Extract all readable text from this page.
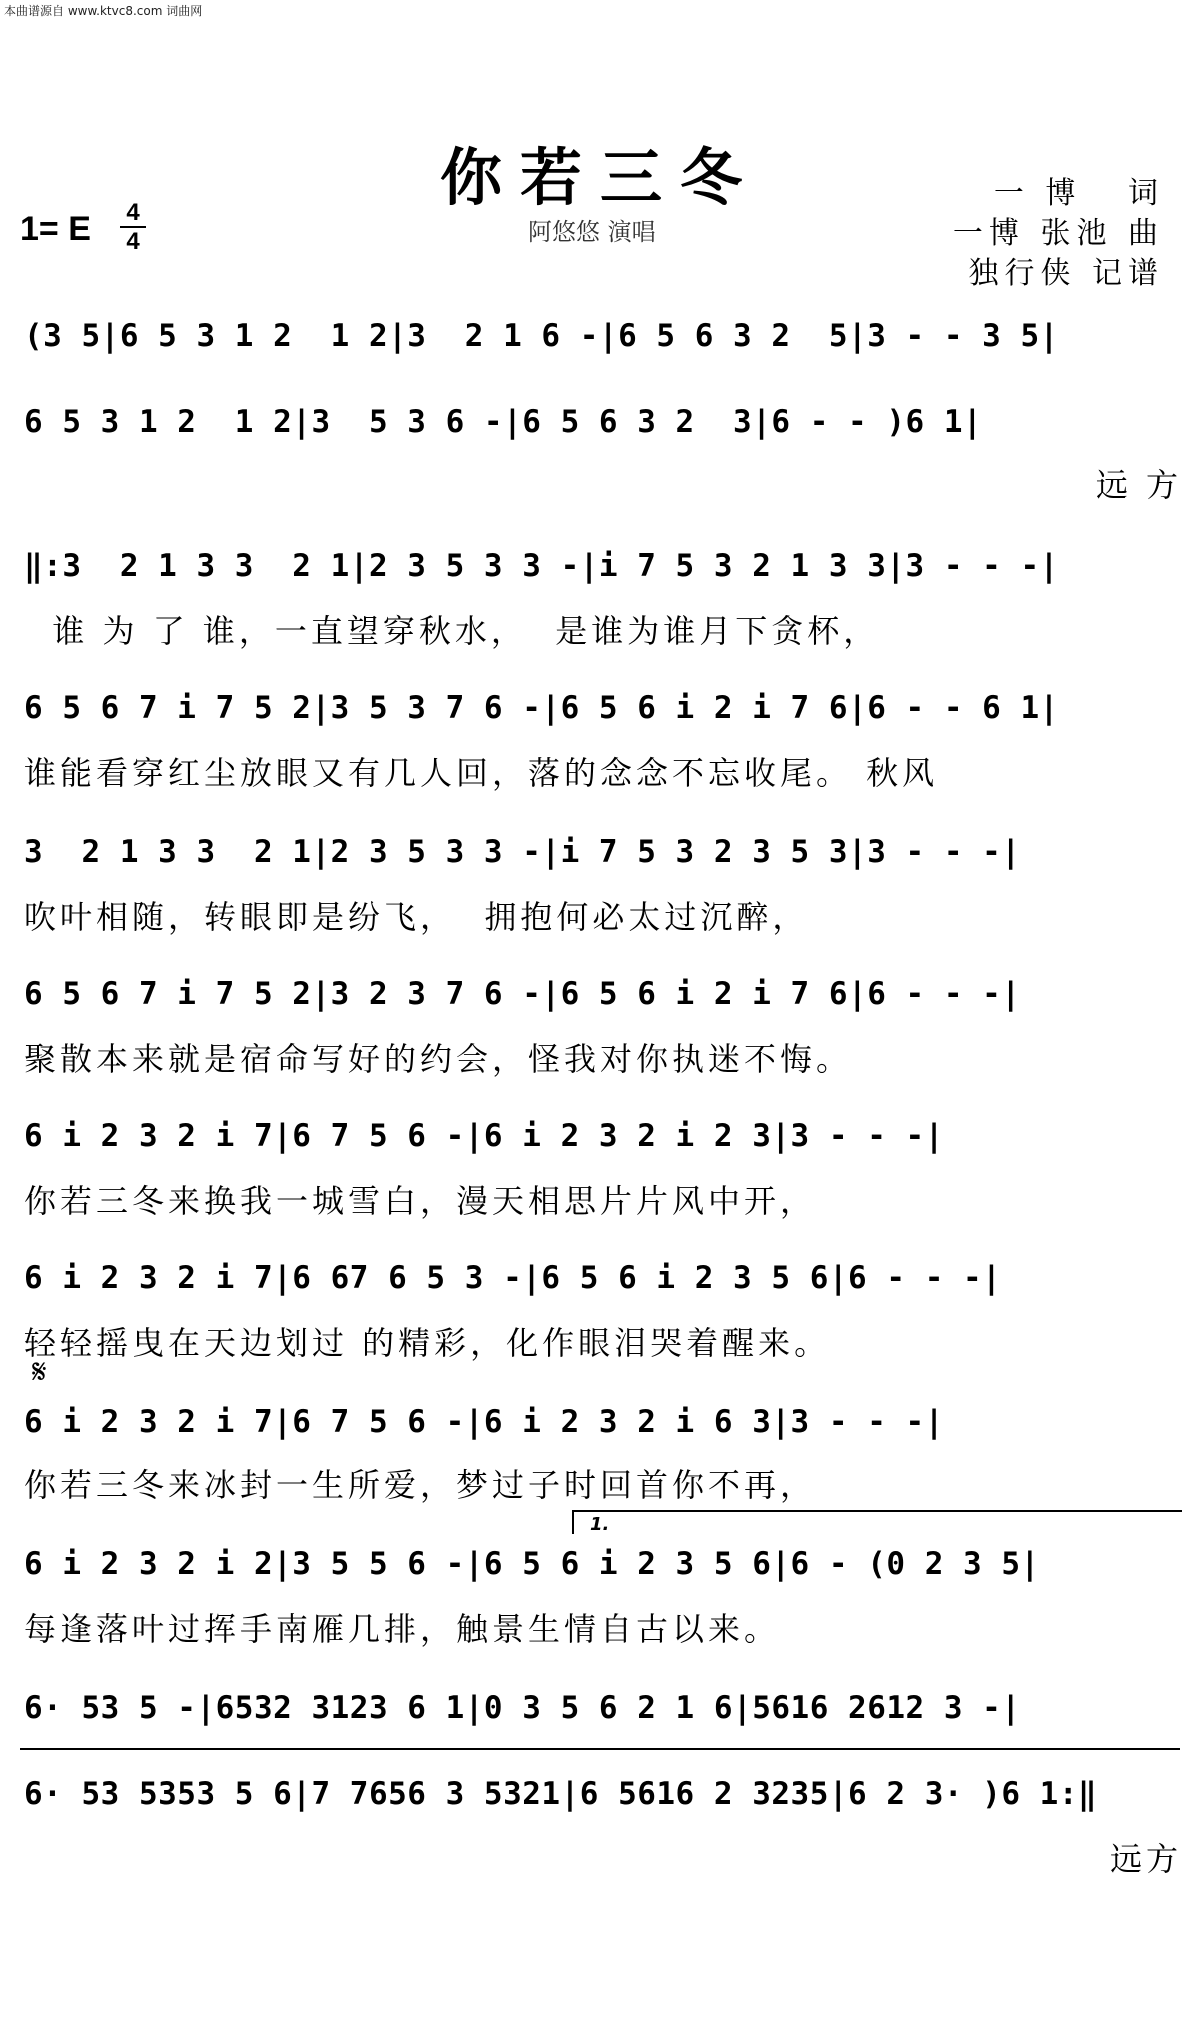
本曲谱源自 www.ktvc8.com 词曲网
你若三冬
阿悠悠 演唱
1= E 4
4
一 博   词
一博 张池 曲
独行侠 记谱
(3 5|6 5 3 1 2  1 2|3  2 1 6 -|6 5 6 3 2  5|3 - - 3 5|
6 5 3 1 2  1 2|3  5 3 6 -|6 5 6 3 2  3|6 - - )6 1|
远 方
‖:3  2 1 3 3  2 1|2 3 5 3 3 -|i 7 5 3 2 1 3 3|3 - - -|
谁 为 了 谁，一直望穿秋水，  是谁为谁月下贪杯，
6 5 6 7 i 7 5 2|3 5 3 7 6 -|6 5 6 i 2 i 7 6|6 - - 6 1|
谁能看穿红尘放眼又有几人回，落的念念不忘收尾。 秋风
3  2 1 3 3  2 1|2 3 5 3 3 -|i 7 5 3 2 3 5 3|3 - - -|
吹叶相随，转眼即是纷飞，  拥抱何必太过沉醉，
6 5 6 7 i 7 5 2|3 2 3 7 6 -|6 5 6 i 2 i 7 6|6 - - -|
聚散本来就是宿命写好的约会，怪我对你执迷不悔。
6 i 2 3 2 i 7|6 7 5 6 -|6 i 2 3 2 i 2 3|3 - - -|
你若三冬来换我一城雪白，漫天相思片片风中开，
6 i 2 3 2 i 7|6 67 6 5 3 -|6 5 6 i 2 3 5 6|6 - - -|
轻轻摇曳在天边划过 的精彩，化作眼泪哭着醒来。
𝄋
6 i 2 3 2 i 7|6 7 5 6 -|6 i 2 3 2 i 6 3|3 - - -|
你若三冬来冰封一生所爱，梦过子时回首你不再，
1.
6 i 2 3 2 i 2|3 5 5 6 -|6 5 6 i 2 3 5 6|6 - (0 2 3 5|
每逢落叶过挥手南雁几排，触景生情自古以来。
6· 53 5 -|6532 3123 6 1|0 3 5 6 2 1 6|5616 2612 3 -|
6· 53 5353 5 6|7 7656 3 5321|6 5616 2 3235|6 2 3· )6 1:‖
远方
